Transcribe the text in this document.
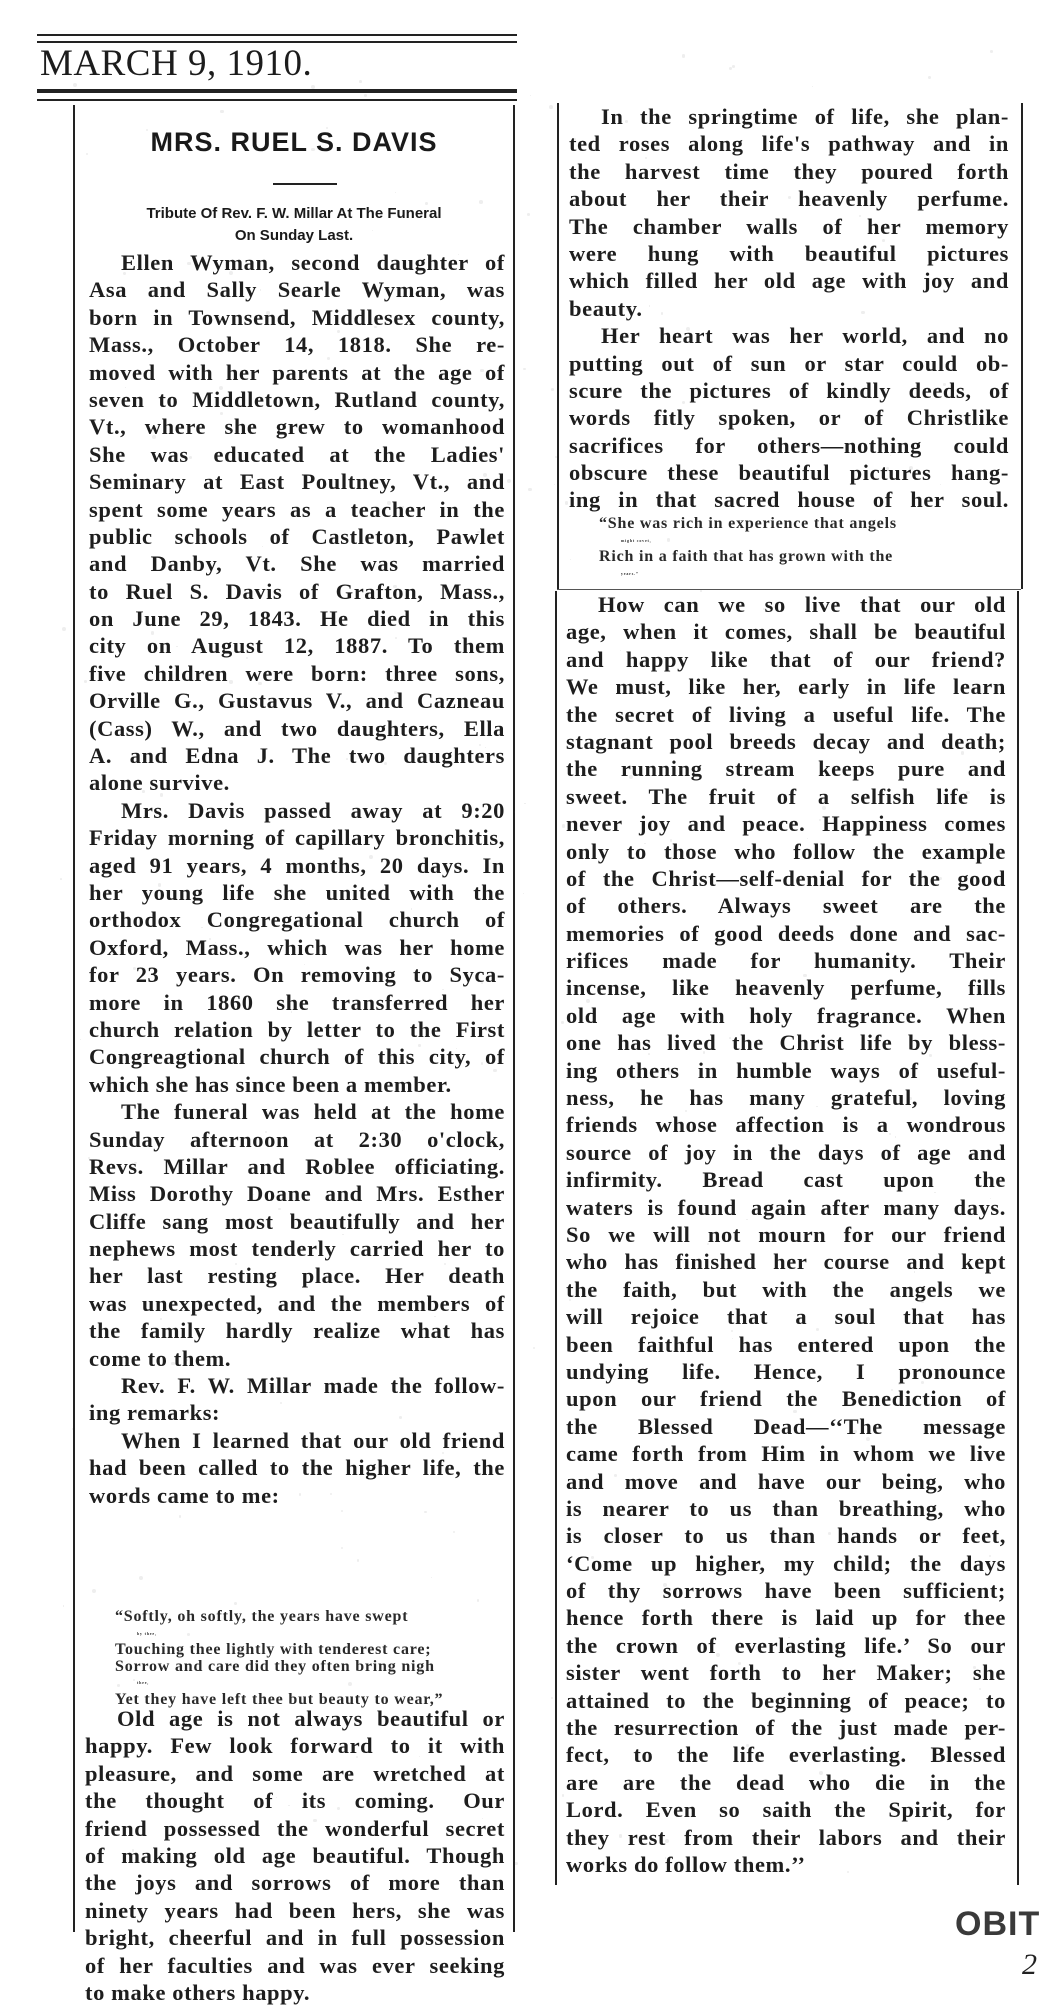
MARCH 9, 1910.
MRS. RUEL S. DAVIS
Tribute Of Rev. F. W. Millar At The Funeral
On Sunday Last.
Ellen Wyman, second daughter of
Asa and Sally Searle Wyman, was
born in Townsend, Middlesex county,
Mass., October 14, 1818. She re-
moved with her parents at the age of
seven to Middletown, Rutland county,
Vt., where she grew to womanhood
She was educated at the Ladies'
Seminary at East Poultney, Vt., and
spent some years as a teacher in the
public schools of Castleton, Pawlet
and Danby, Vt. She was married
to Ruel S. Davis of Grafton, Mass.,
on June 29, 1843. He died in this
city on August 12, 1887. To them
five children were born: three sons,
Orville G., Gustavus V., and Cazneau
(Cass) W., and two daughters, Ella
A. and Edna J. The two daughters
alone survive.
Mrs. Davis passed away at 9:20
Friday morning of capillary bronchitis,
aged 91 years, 4 months, 20 days. In
her young life she united with the
orthodox Congregational church of
Oxford, Mass., which was her home
for 23 years. On removing to Syca-
more in 1860 she transferred her
church relation by letter to the First
Congreagtional church of this city, of
which she has since been a member.
The funeral was held at the home
Sunday afternoon at 2:30 o'clock,
Revs. Millar and Roblee officiating.
Miss Dorothy Doane and Mrs. Esther
Cliffe sang most beautifully and her
nephews most tenderly carried her to
her last resting place. Her death
was unexpected, and the members of
the family hardly realize what has
come to them.
Rev. F. W. Millar made the follow-
ing remarks:
When I learned that our old friend
had been called to the higher life, the
words came to me:
“Softly, oh softly, the years have swept
by thee,
Touching thee lightly with tenderest care;
Sorrow and care did they often bring nigh
thee,
Yet they have left thee but beauty to wear,”
Old age is not always beautiful or
happy. Few look forward to it with
pleasure, and some are wretched at
the thought of its coming. Our
friend possessed the wonderful secret
of making old age beautiful. Though
the joys and sorrows of more than
ninety years had been hers, she was
bright, cheerful and in full possession
of her faculties and was ever seeking
to make others happy.
In the springtime of life, she plan-
ted roses along life's pathway and in
the harvest time they poured forth
about her their heavenly perfume.
The chamber walls of her memory
were hung with beautiful pictures
which filled her old age with joy and
beauty.
Her heart was her world, and no
putting out of sun or star could ob-
scure the pictures of kindly deeds, of
words fitly spoken, or of Christlike
sacrifices for others—nothing could
obscure these beautiful pictures hang-
ing in that sacred house of her soul.
“She was rich in experience that angels
might covet,
Rich in a faith that has grown with the
years.”
How can we so live that our old
age, when it comes, shall be beautiful
and happy like that of our friend?
We must, like her, early in life learn
the secret of living a useful life. The
stagnant pool breeds decay and death;
the running stream keeps pure and
sweet. The fruit of a selfish life is
never joy and peace. Happiness comes
only to those who follow the example
of the Christ—self-denial for the good
of others. Always sweet are the
memories of good deeds done and sac-
rifices made for humanity. Their
incense, like heavenly perfume, fills
old age with holy fragrance. When
one has lived the Christ life by bless-
ing others in humble ways of useful-
ness, he has many grateful, loving
friends whose affection is a wondrous
source of joy in the days of age and
infirmity. Bread cast upon the
waters is found again after many days.
So we will not mourn for our friend
who has finished her course and kept
the faith, but with the angels we
will rejoice that a soul that has
been faithful has entered upon the
undying life. Hence, I pronounce
upon our friend the Benediction of
the Blessed Dead—‘‘The message
came forth from Him in whom we live
and move and have our being, who
is nearer to us than breathing, who
is closer to us than hands or feet,
‘Come up higher, my child; the days
of thy sorrows have been sufficient;
hence forth there is laid up for thee
the crown of everlasting life.’ So our
sister went forth to her Maker; she
attained to the beginning of peace; to
the resurrection of the just made per-
fect, to the life everlasting. Blessed
are are the dead who die in the
Lord. Even so saith the Spirit, for
they rest from their labors and their
works do follow them.’’
OBIT
2
